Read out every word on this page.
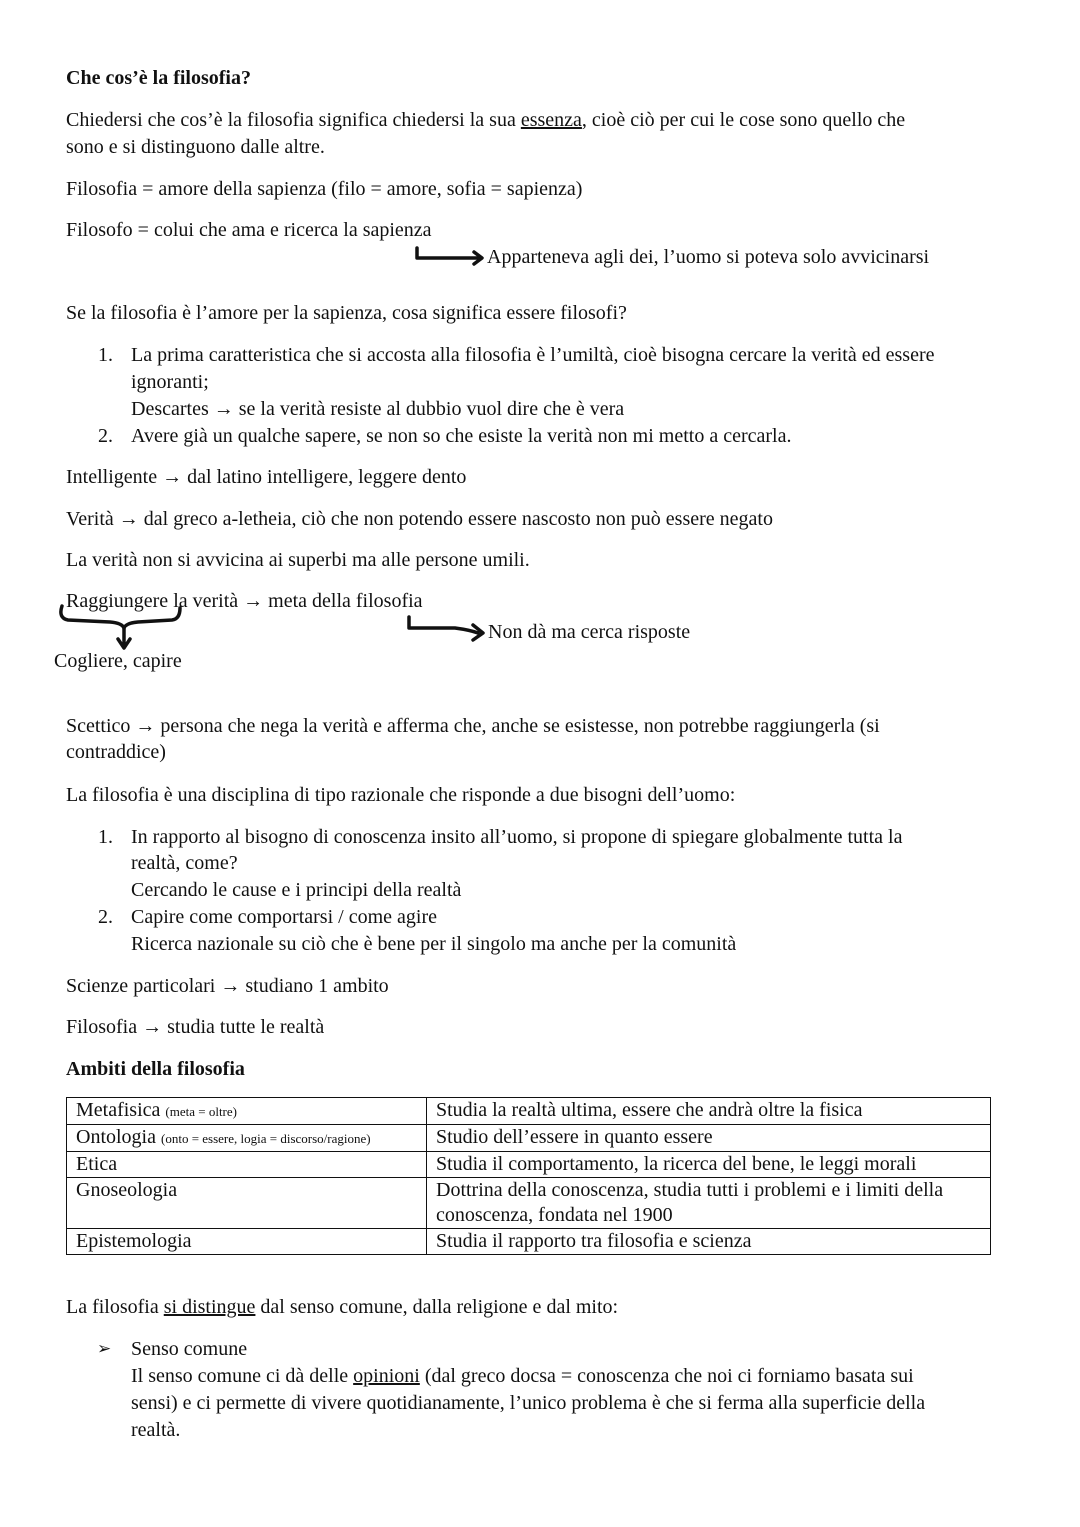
Che cos’è la filosofia?
Chiedersi che cos’è la filosofia significa chiedersi la sua essenza, cioè ciò per cui le cose sono quello che
sono e si distinguono dalle altre.
Filosofia = amore della sapienza (filo = amore, sofia = sapienza)
Filosofo = colui che ama e ricerca la sapienza
Apparteneva agli dei, l’uomo si poteva solo avvicinarsi
Se la filosofia è l’amore per la sapienza, cosa significa essere filosofi?
1. La prima caratteristica che si accosta alla filosofia è l’umiltà, cioè bisogna cercare la verità ed essere
ignoranti;
Descartes → se la verità resiste al dubbio vuol dire che è vera
2. Avere già un qualche sapere, se non so che esiste la verità non mi metto a cercarla.
Intelligente → dal latino intelligere, leggere dento
Verità → dal greco a-letheia, ciò che non potendo essere nascosto non può essere negato
La verità non si avvicina ai superbi ma alle persone umili.
Raggiungere la verità → meta della filosofia
Non dà ma cerca risposte
Cogliere, capire
Scettico → persona che nega la verità e afferma che, anche se esistesse, non potrebbe raggiungerla (si
contraddice)
La filosofia è una disciplina di tipo razionale che risponde a due bisogni dell’uomo:
1. In rapporto al bisogno di conoscenza insito all’uomo, si propone di spiegare globalmente tutta la
realtà, come?
Cercando le cause e i principi della realtà
2. Capire come comportarsi / come agire
Ricerca nazionale su ciò che è bene per il singolo ma anche per la comunità
Scienze particolari → studiano 1 ambito
Filosofia → studia tutte le realtà
Ambiti della filosofia
Metafisica (meta = oltre)	Studia la realtà ultima, essere che andrà oltre la fisica
Ontologia (onto = essere, logia = discorso/ragione)	Studio dell’essere in quanto essere
Etica	Studia il comportamento, la ricerca del bene, le leggi morali
Gnoseologia	Dottrina della conoscenza, studia tutti i problemi e i limiti della conoscenza, fondata nel 1900
Epistemologia	Studia il rapporto tra filosofia e scienza
La filosofia si distingue dal senso comune, dalla religione e dal mito:
➢ Senso comune
Il senso comune ci dà delle opinioni (dal greco docsa = conoscenza che noi ci forniamo basata sui
sensi) e ci permette di vivere quotidianamente, l’unico problema è che si ferma alla superficie della
realtà.
